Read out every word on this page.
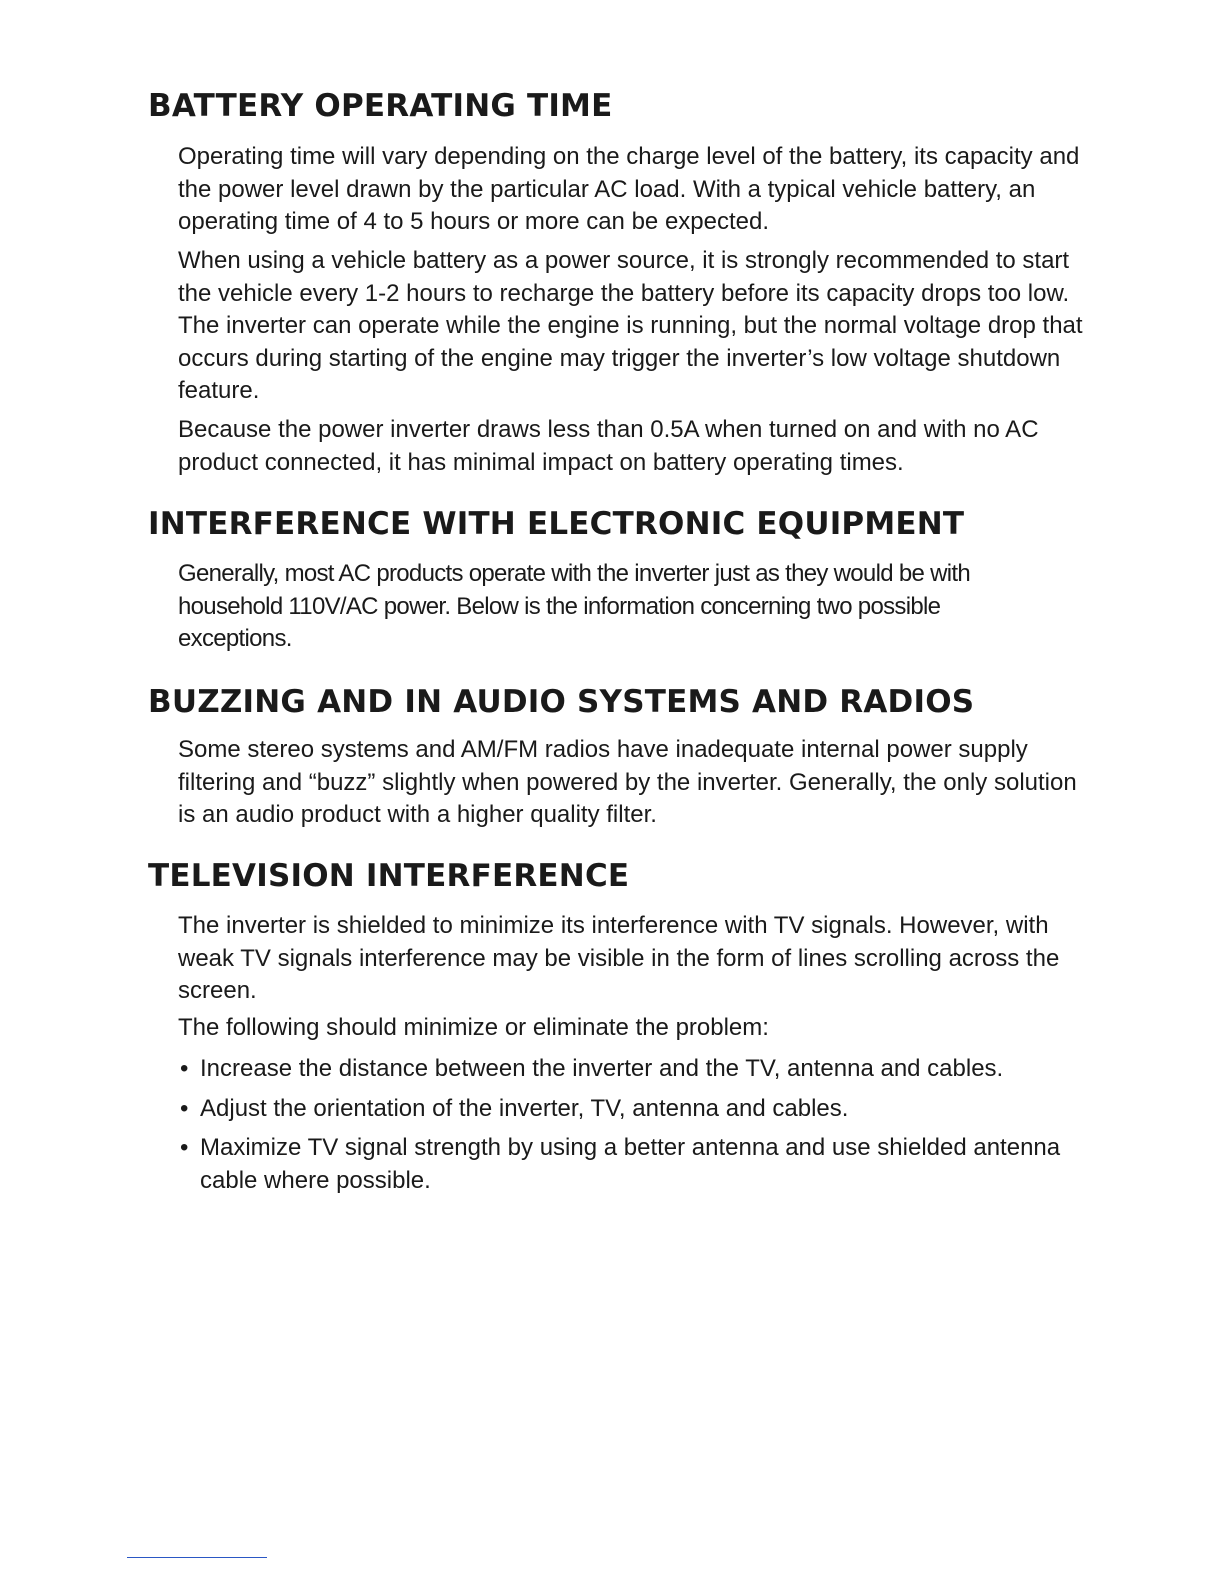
BATTERY OPERATING TIME

Operating time will vary depending on the charge level of the battery, its capacity and the power level drawn by the particular AC load. With a typical vehicle battery, an operating time of 4 to 5 hours or more can be expected.

When using a vehicle battery as a power source, it is strongly recommended to start the vehicle every 1-2 hours to recharge the battery before its capacity drops too low. The inverter can operate while the engine is running, but the normal voltage drop that occurs during starting of the engine may trigger the inverter’s low voltage shutdown feature.

Because the power inverter draws less than 0.5A when turned on and with no AC product connected, it has minimal impact on battery operating times.

INTERFERENCE WITH ELECTRONIC EQUIPMENT

Generally, most AC products operate with the inverter just as they would be with household 110V/AC power. Below is the information concerning two possible exceptions.

BUZZING AND IN AUDIO SYSTEMS AND RADIOS

Some stereo systems and AM/FM radios have inadequate internal power supply filtering and “buzz” slightly when powered by the inverter. Generally, the only solution is an audio product with a higher quality filter.

TELEVISION INTERFERENCE

The inverter is shielded to minimize its interference with TV signals. However, with weak TV signals interference may be visible in the form of lines scrolling across the screen.

The following should minimize or eliminate the problem:

• Increase the distance between the inverter and the TV, antenna and cables.
• Adjust the orientation of the inverter, TV, antenna and cables.
• Maximize TV signal strength by using a better antenna and use shielded antenna cable where possible.
